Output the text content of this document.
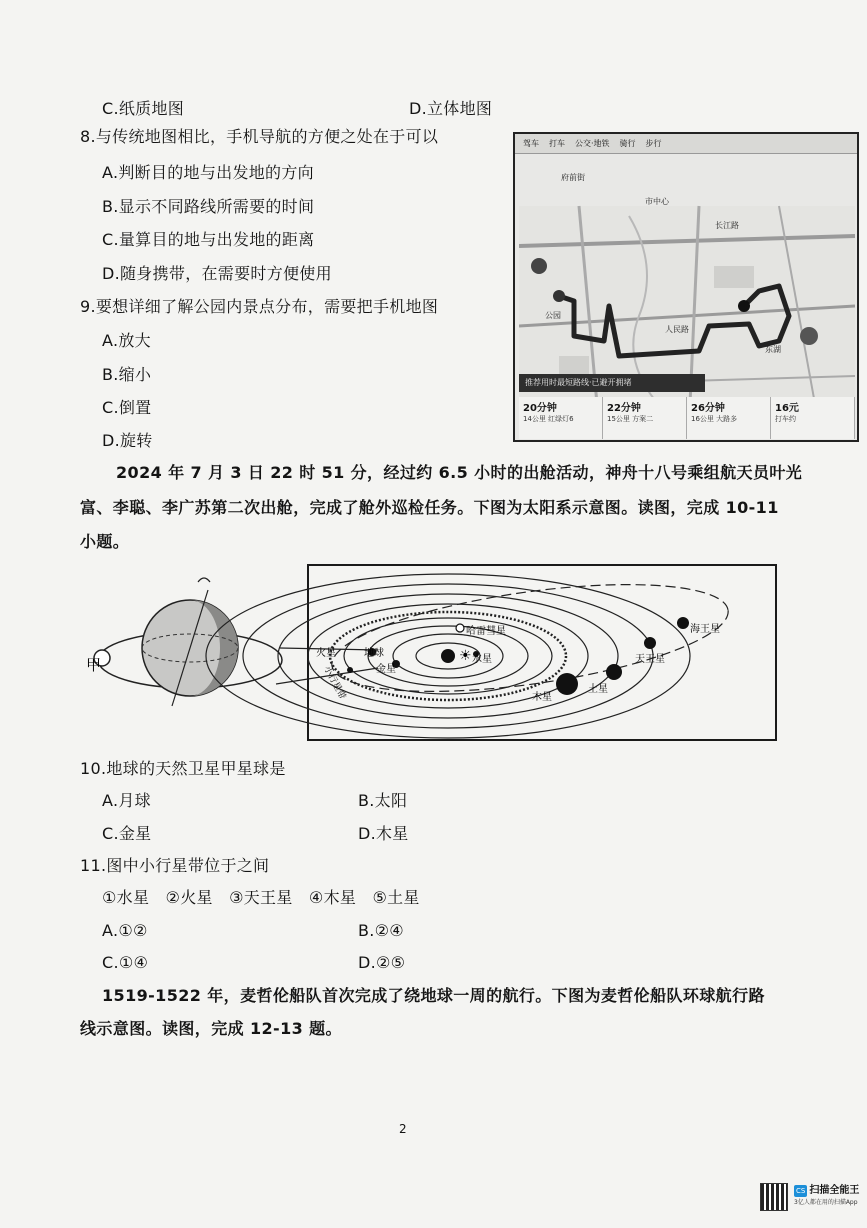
C.纸质地图	D.立体地图
8.与传统地图相比，手机导航的方便之处在于可以
A.判断目的地与出发地的方向
B.显示不同路线所需要的时间
C.量算目的地与出发地的距离
D.随身携带，在需要时方便使用
9.要想详细了解公园内景点分布，需要把手机地图
A.放大
B.缩小
C.倒置
D.旋转
驾车 打车 公交·地铁 骑行 步行
府前街
市中心
长江路
公园
人民路
东湖
推荐用时最短路线·已避开拥堵
20分钟
14公里 红绿灯6
22分钟
15公里 方案二
26分钟
16公里 大路多
16元
打车约
2024 年 7 月 3 日 22 时 51 分，经过约 6.5 小时的出舱活动，神舟十八号乘组航天员叶光
富、李聪、李广苏第二次出舱，完成了舱外巡检任务。下图为太阳系示意图。读图，完成 10-11
小题。
甲	☀ 水星
金星
地球
火星
木星
土星
天王星
海王星
哈雷彗星
小行星带
10.地球的天然卫星甲星球是
A.月球	B.太阳
C.金星	D.木星
11.图中小行星带位于之间
①水星　②火星　③天王星　④木星　⑤土星
A.①②	B.②④
C.①④	D.②⑤
1519-1522 年，麦哲伦船队首次完成了绕地球一周的航行。下图为麦哲伦船队环球航行路
线示意图。读图，完成 12-13 题。
2
CS 扫描全能王
3亿人都在用的扫描App
